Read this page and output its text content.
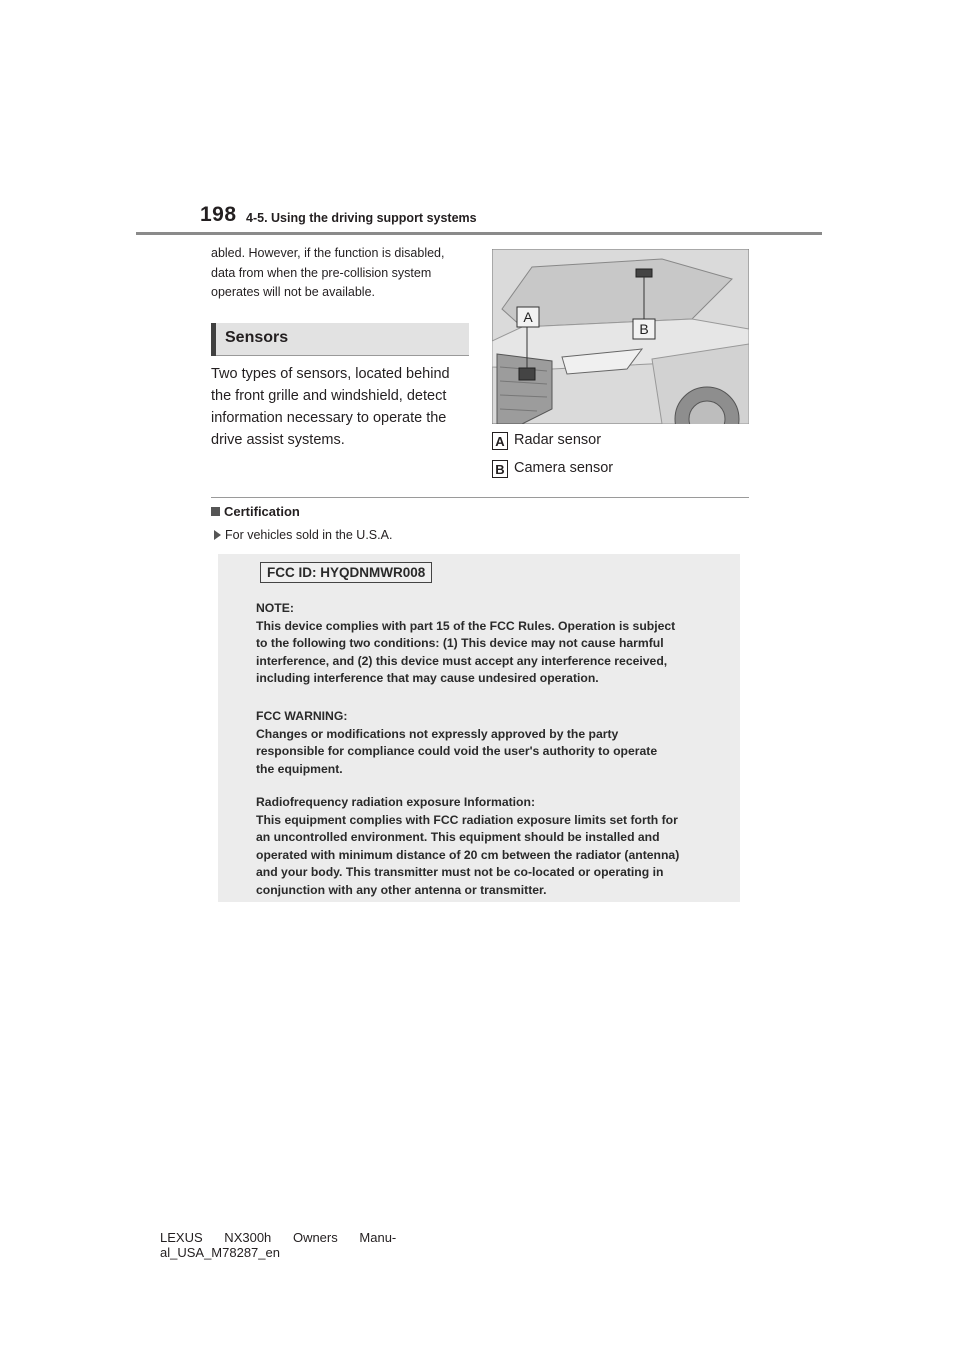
198 4-5. Using the driving support systems
abled. However, if the function is disabled, data from when the pre-collision system operates will not be available.
Sensors
Two types of sensors, located behind the front grille and windshield, detect information necessary to operate the drive assist systems.
A
B
A Radar sensor
B Camera sensor
Certification
For vehicles sold in the U.S.A.
FCC ID: HYQDNMWR008
NOTE:
This device complies with part 15 of the FCC Rules. Operation is subject
to the following two conditions: (1) This device may not cause harmful
interference, and (2) this device must accept any interference received,
including interference that may cause undesired operation.
FCC WARNING:
Changes or modifications not expressly approved by the party
responsible for compliance could void the user's authority to operate
the equipment.
Radiofrequency radiation exposure Information:
This equipment complies with FCC radiation exposure limits set forth for
an uncontrolled environment. This equipment should be installed and
operated with minimum distance of 20 cm between the radiator (antenna)
and your body. This transmitter must not be co-located or operating in
conjunction with any other antenna or transmitter.
LEXUS      NX300h      Owners      Manu-
al_USA_M78287_en
